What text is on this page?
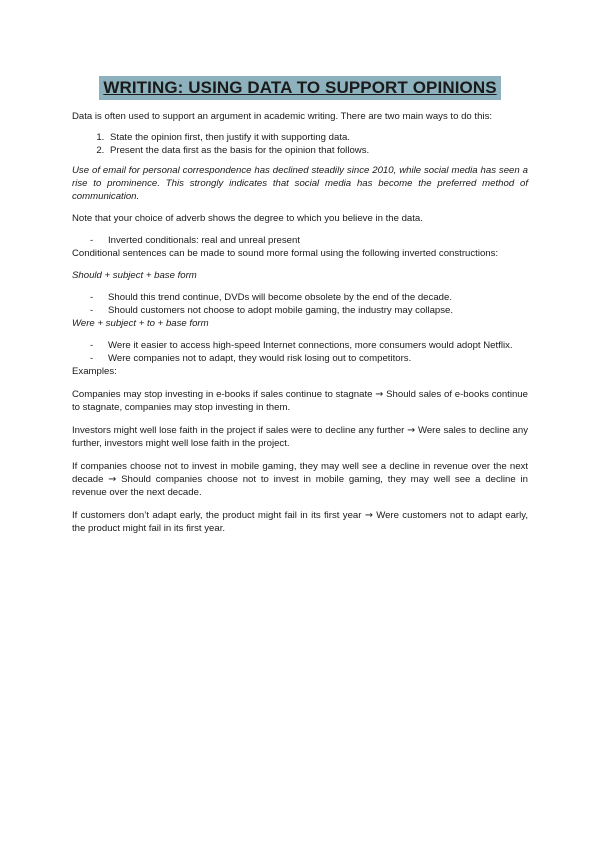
WRITING: USING DATA TO SUPPORT OPINIONS

Data is often used to support an argument in academic writing. There are two main ways to do this:

1. State the opinion first, then justify it with supporting data.
2. Present the data first as the basis for the opinion that follows.

Use of email for personal correspondence has declined steadily since 2010, while social media has seen a rise to prominence. This strongly indicates that social media has become the preferred method of communication.

Note that your choice of adverb shows the degree to which you believe in the data.

- Inverted conditionals: real and unreal present

Conditional sentences can be made to sound more formal using the following inverted constructions:

Should + subject + base form

- Should this trend continue, DVDs will become obsolete by the end of the decade.
- Should customers not choose to adopt mobile gaming, the industry may collapse.

Were + subject + to + base form

- Were it easier to access high-speed Internet connections, more consumers would adopt Netflix.
- Were companies not to adapt, they would risk losing out to competitors.

Examples:

Companies may stop investing in e-books if sales continue to stagnate → Should sales of e-books continue to stagnate, companies may stop investing in them.

Investors might well lose faith in the project if sales were to decline any further → Were sales to decline any further, investors might well lose faith in the project.

If companies choose not to invest in mobile gaming, they may well see a decline in revenue over the next decade → Should companies choose not to invest in mobile gaming, they may well see a decline in revenue over the next decade.

If customers don’t adapt early, the product might fail in its first year → Were customers not to adapt early, the product might fail in its first year.
